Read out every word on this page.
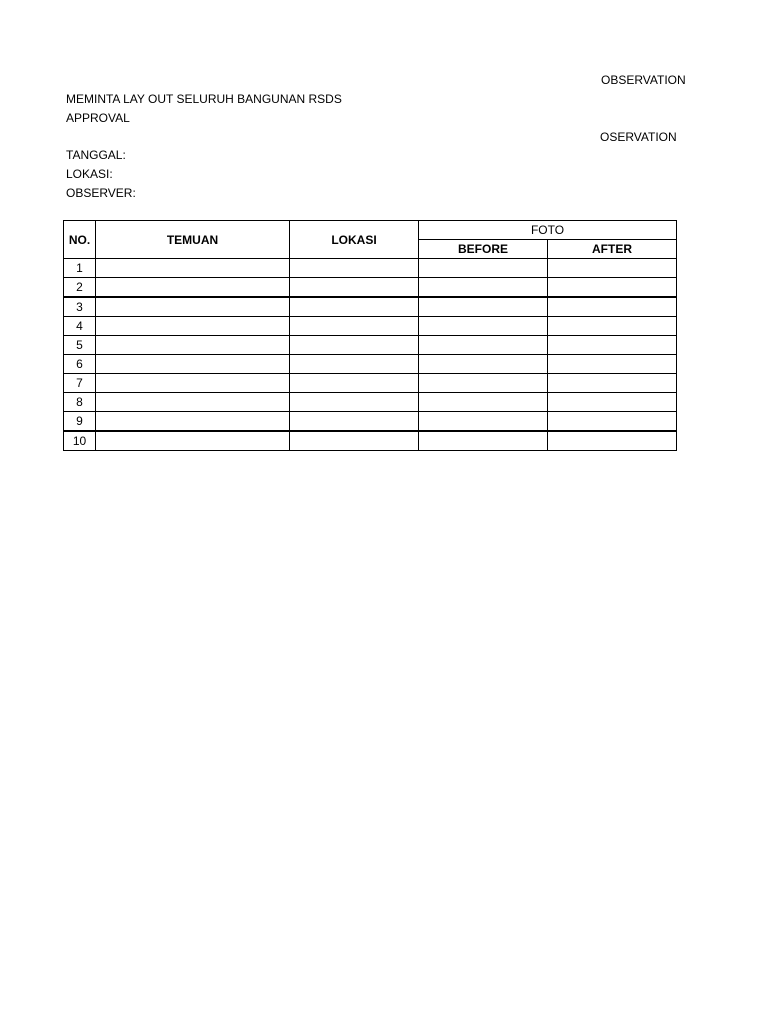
OBSERVATION
MEMINTA LAY OUT SELURUH BANGUNAN RSDS
APPROVAL
OSERVATION
TANGGAL:
LOKASI:
OBSERVER:
NO.	TEMUAN	LOKASI	FOTO	
			BEFORE	AFTER
1				
2				
3				
4				
5				
6				
7				
8				
9				
10				
